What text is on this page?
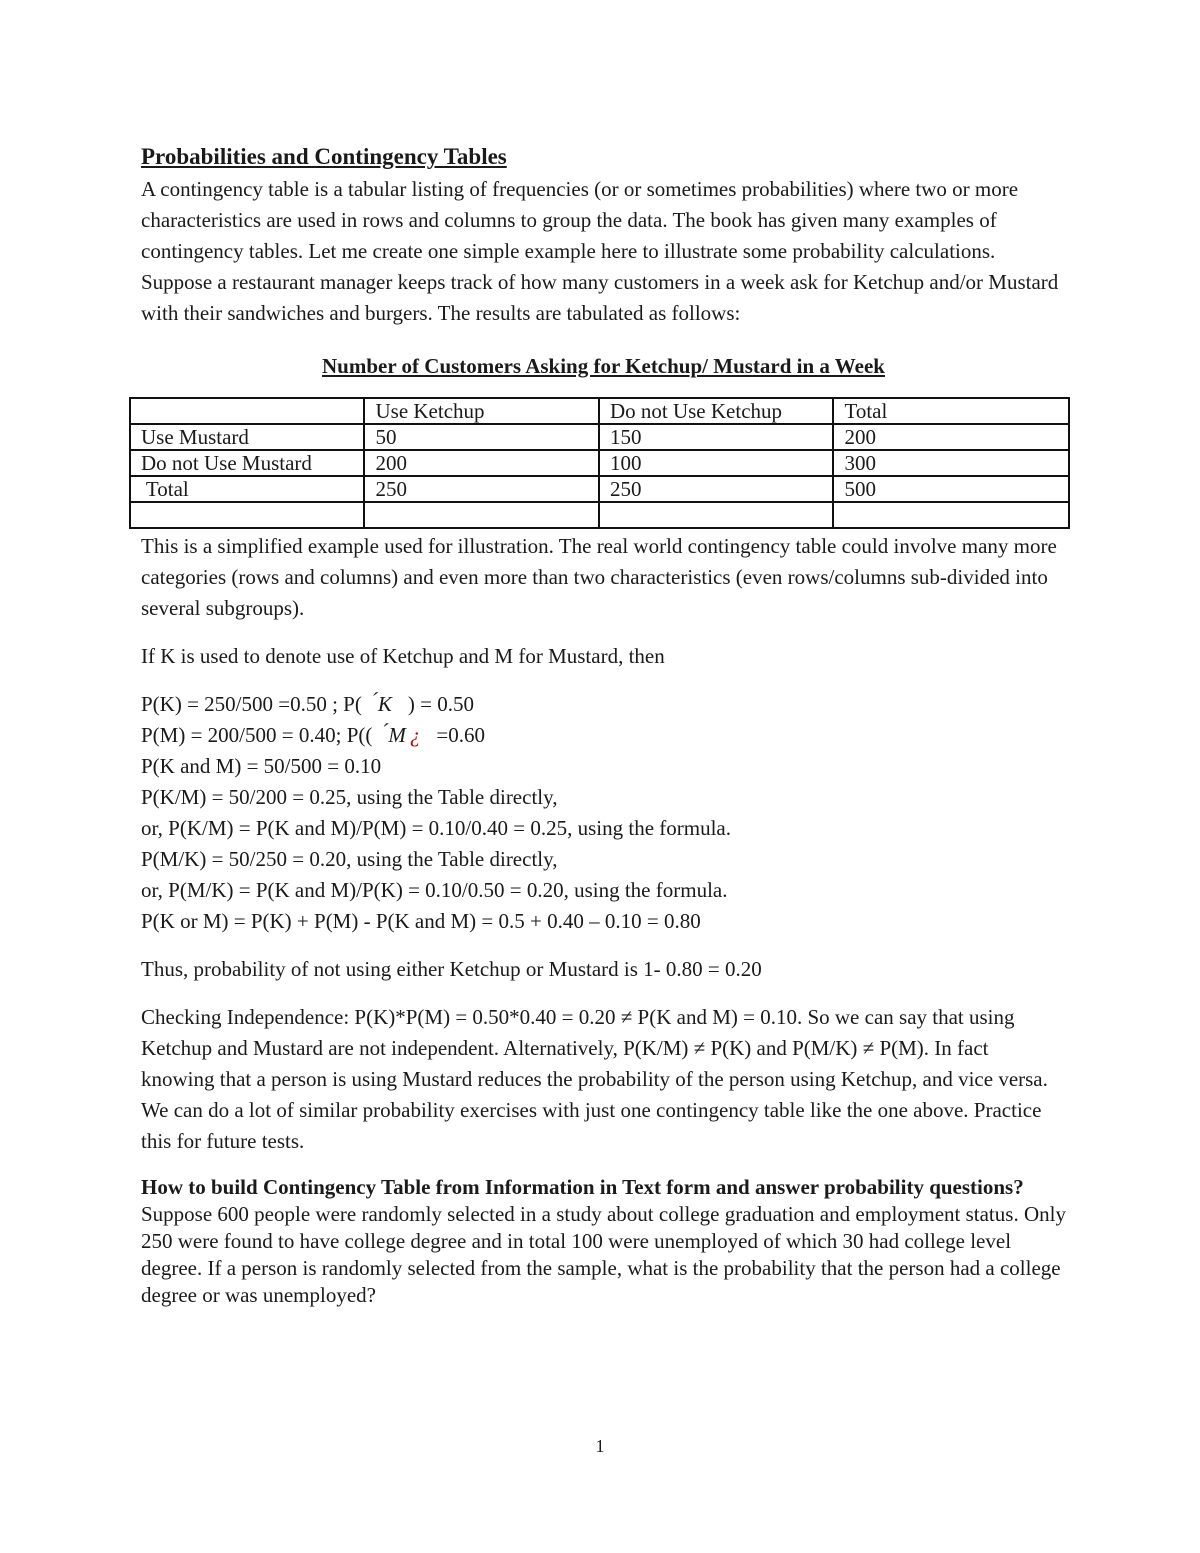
Probabilities and Contingency Tables

A contingency table is a tabular listing of frequencies (or or sometimes probabilities) where two or more characteristics are used in rows and columns to group the data. The book has given many examples of contingency tables. Let me create one simple example here to illustrate some probability calculations. Suppose a restaurant manager keeps track of how many customers in a week ask for Ketchup and/or Mustard with their sandwiches and burgers. The results are tabulated as follows:

Number of Customers Asking for Ketchup/ Mustard in a Week
	Use Ketchup	Do not Use Ketchup	Total
Use Mustard	50	150	200
Do not Use Mustard	200	100	300
Total	250	250	500

This is a simplified example used for illustration. The real world contingency table could involve many more categories (rows and columns) and even more than two characteristics (even rows/columns sub-divided into several subgroups).

If K is used to denote use of Ketchup and M for Mustard, then

P(K) = 250/500 =0.50 ; P( ́ K ) = 0.50

P(M) = 200/500 = 0.40; P(( ́ M ¿ =0.60

P(K and M) = 50/500 = 0.10

P(K/M) = 50/200 = 0.25, using the Table directly,

or, P(K/M) = P(K and M)/P(M) = 0.10/0.40 = 0.25, using the formula.

P(M/K) = 50/250 = 0.20, using the Table directly,

or, P(M/K) = P(K and M)/P(K) = 0.10/0.50 = 0.20, using the formula.

P(K or M) = P(K) + P(M) - P(K and M) = 0.5 + 0.40 – 0.10 = 0.80

Thus, probability of not using either Ketchup or Mustard is 1- 0.80 = 0.20

Checking Independence: P(K)*P(M) = 0.50*0.40 = 0.20 ≠ P(K and M) = 0.10. So we can say that using Ketchup and Mustard are not independent. Alternatively, P(K/M) ≠ P(K) and P(M/K) ≠ P(M). In fact knowing that a person is using Mustard reduces the probability of the person using Ketchup, and vice versa. We can do a lot of similar probability exercises with just one contingency table like the one above. Practice this for future tests.

How to build Contingency Table from Information in Text form and answer probability questions?

Suppose 600 people were randomly selected in a study about college graduation and employment status. Only 250 were found to have college degree and in total 100 were unemployed of which 30 had college level degree. If a person is randomly selected from the sample, what is the probability that the person had a college degree or was unemployed?

1
